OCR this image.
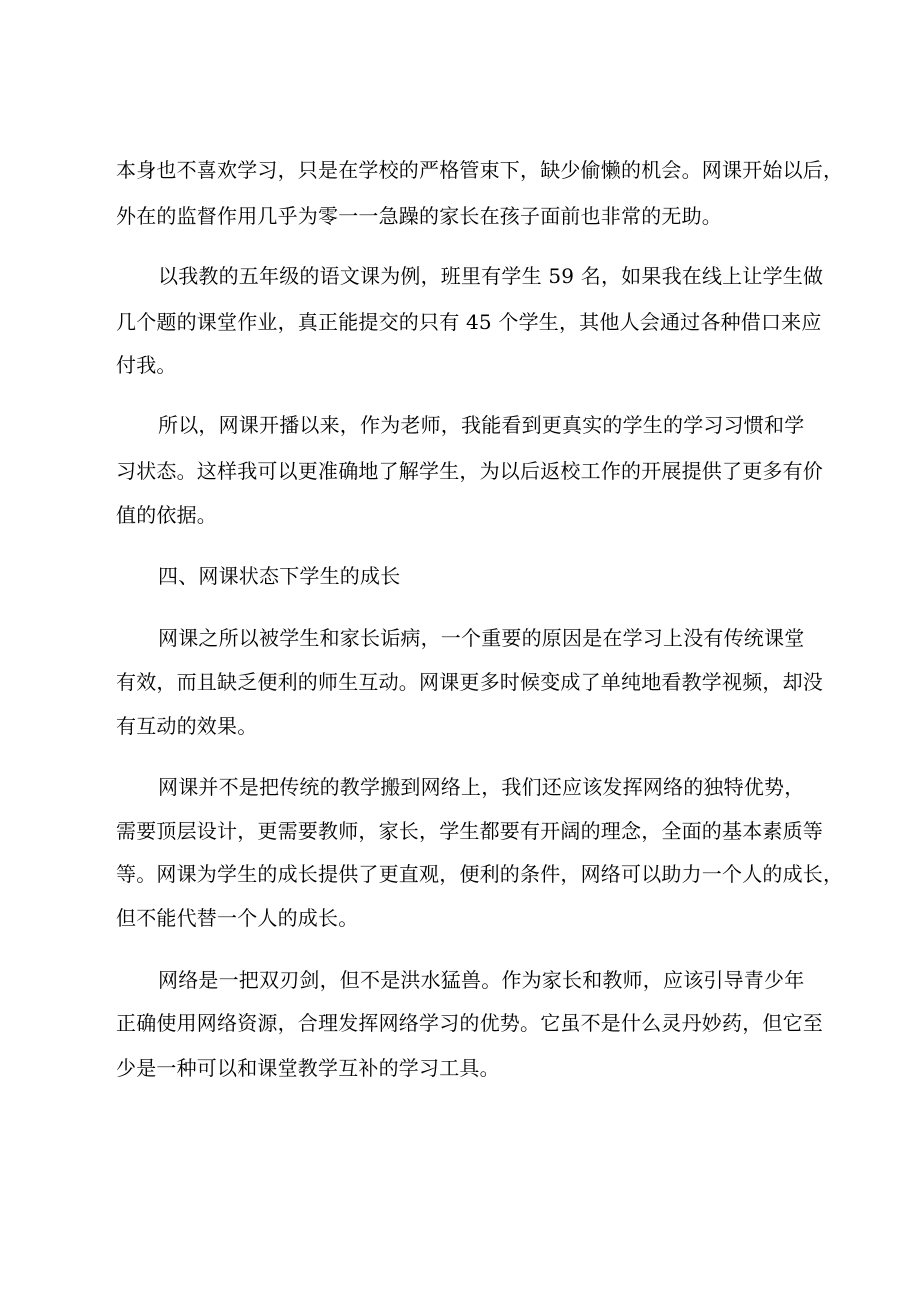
本身也不喜欢学习，只是在学校的严格管束下，缺少偷懒的机会。网课开始以后，
外在的监督作用几乎为零一一急躁的家长在孩子面前也非常的无助。
以我教的五年级的语文课为例，班里有学生 59 名，如果我在线上让学生做
几个题的课堂作业，真正能提交的只有 45 个学生，其他人会通过各种借口来应
付我。
所以，网课开播以来，作为老师，我能看到更真实的学生的学习习惯和学
习状态。这样我可以更准确地了解学生，为以后返校工作的开展提供了更多有价
值的依据。
四、网课状态下学生的成长
网课之所以被学生和家长诟病，一个重要的原因是在学习上没有传统课堂
有效，而且缺乏便利的师生互动。网课更多时候变成了单纯地看教学视频，却没
有互动的效果。
网课并不是把传统的教学搬到网络上，我们还应该发挥网络的独特优势，
需要顶层设计，更需要教师，家长，学生都要有开阔的理念，全面的基本素质等
等。网课为学生的成长提供了更直观，便利的条件，网络可以助力一个人的成长，
但不能代替一个人的成长。
网络是一把双刃剑，但不是洪水猛兽。作为家长和教师，应该引导青少年
正确使用网络资源，合理发挥网络学习的优势。它虽不是什么灵丹妙药，但它至
少是一种可以和课堂教学互补的学习工具。
